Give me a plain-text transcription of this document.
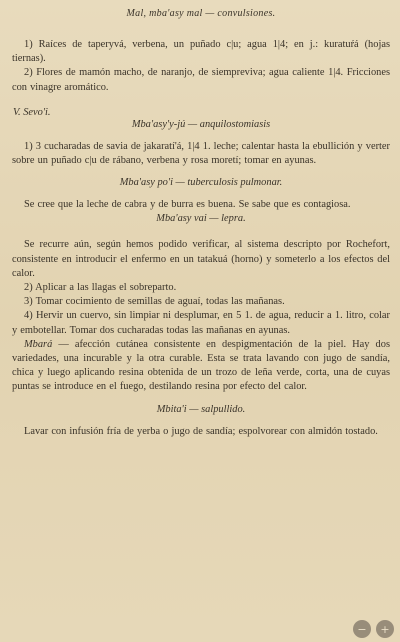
Mal, mba'asy mal — convulsiones.

1) Raíces de taperyvá, verbena, un puñado c|u; agua 1|4; en j.: kuratuŕá (hojas tiernas).

2) Flores de mamón macho, de naranjo, de siempreviva; agua caliente 1|4. Fricciones con vinagre aromático.

V. Sevo'i.

Mba'asy'y-jú — anquilostomiasis

1) 3 cucharadas de savia de jakaratí'á, 1|4 1. leche; calentar hasta la ebullición y verter sobre un puñado c|u de rábano, verbena y rosa moretí; tomar en ayunas.

Mba'asy po'i — tuberculosis pulmonar.

Se cree que la leche de cabra y de burra es buena. Se sabe que es contagiosa.

Mba'asy vai — lepra.

Se recurre aún, según hemos podido verificar, al sistema descripto por Rochefort, consistente en introducir el enfermo en un tatakuá (horno) y someterlo a los efectos del calor.

2) Aplicar a las llagas el sobreparto.

3) Tomar cocimiento de semillas de aguaí, todas las mañanas.

4) Hervir un cuervo, sin limpiar ni desplumar, en 5 1. de agua, reducir a 1. litro, colar y embotellar. Tomar dos cucharadas todas las mañanas en ayunas.

Mbará — afección cutánea consistente en despigmentación de la piel. Hay dos variedades, una incurable y la otra curable. Esta se trata lavando con jugo de sandía, chica y luego aplicando resina obtenida de un trozo de leña verde, corta, una de cuyas puntas se introduce en el fuego, destilando resina por efecto del calor.

Mbita'i — salpullido.

Lavar con infusión fría de yerba o jugo de sandía; espolvorear con almidón tostado.

−	+
